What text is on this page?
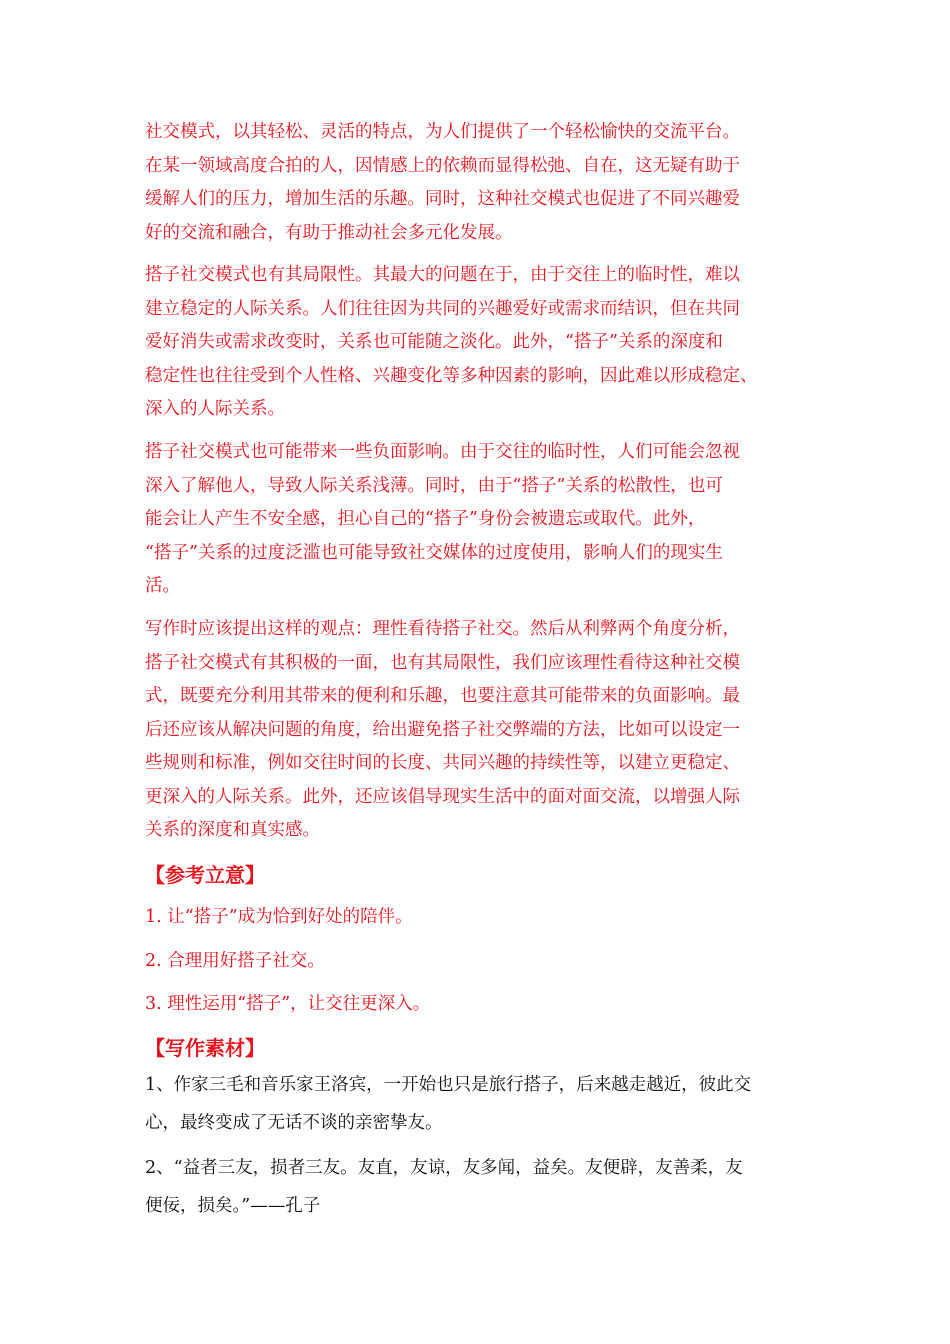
社交模式，以其轻松、灵活的特点，为人们提供了一个轻松愉快的交流平台。
在某一领域高度合拍的人，因情感上的依赖而显得松弛、自在，这无疑有助于
缓解人们的压力，增加生活的乐趣。同时，这种社交模式也促进了不同兴趣爱
好的交流和融合，有助于推动社会多元化发展。
搭子社交模式也有其局限性。其最大的问题在于，由于交往上的临时性，难以
建立稳定的人际关系。人们往往因为共同的兴趣爱好或需求而结识，但在共同
爱好消失或需求改变时，关系也可能随之淡化。此外，“搭子”关系的深度和
稳定性也往往受到个人性格、兴趣变化等多种因素的影响，因此难以形成稳定、
深入的人际关系。
搭子社交模式也可能带来一些负面影响。由于交往的临时性，人们可能会忽视
深入了解他人，导致人际关系浅薄。同时，由于“搭子”关系的松散性，也可
能会让人产生不安全感，担心自己的“搭子”身份会被遗忘或取代。此外，
“搭子”关系的过度泛滥也可能导致社交媒体的过度使用，影响人们的现实生
活。
写作时应该提出这样的观点：理性看待搭子社交。然后从利弊两个角度分析，
搭子社交模式有其积极的一面，也有其局限性，我们应该理性看待这种社交模
式，既要充分利用其带来的便利和乐趣，也要注意其可能带来的负面影响。最
后还应该从解决问题的角度，给出避免搭子社交弊端的方法，比如可以设定一
些规则和标准，例如交往时间的长度、共同兴趣的持续性等，以建立更稳定、
更深入的人际关系。此外，还应该倡导现实生活中的面对面交流，以增强人际
关系的深度和真实感。
【参考立意】
1. 让“搭子”成为恰到好处的陪伴。
2. 合理用好搭子社交。
3. 理性运用“搭子”，让交往更深入。
【写作素材】
1、作家三毛和音乐家王洛宾，一开始也只是旅行搭子，后来越走越近，彼此交
心，最终变成了无话不谈的亲密挚友。
2、“益者三友，损者三友。友直，友谅，友多闻，益矣。友便辟，友善柔，友
便佞，损矣。”——孔子
